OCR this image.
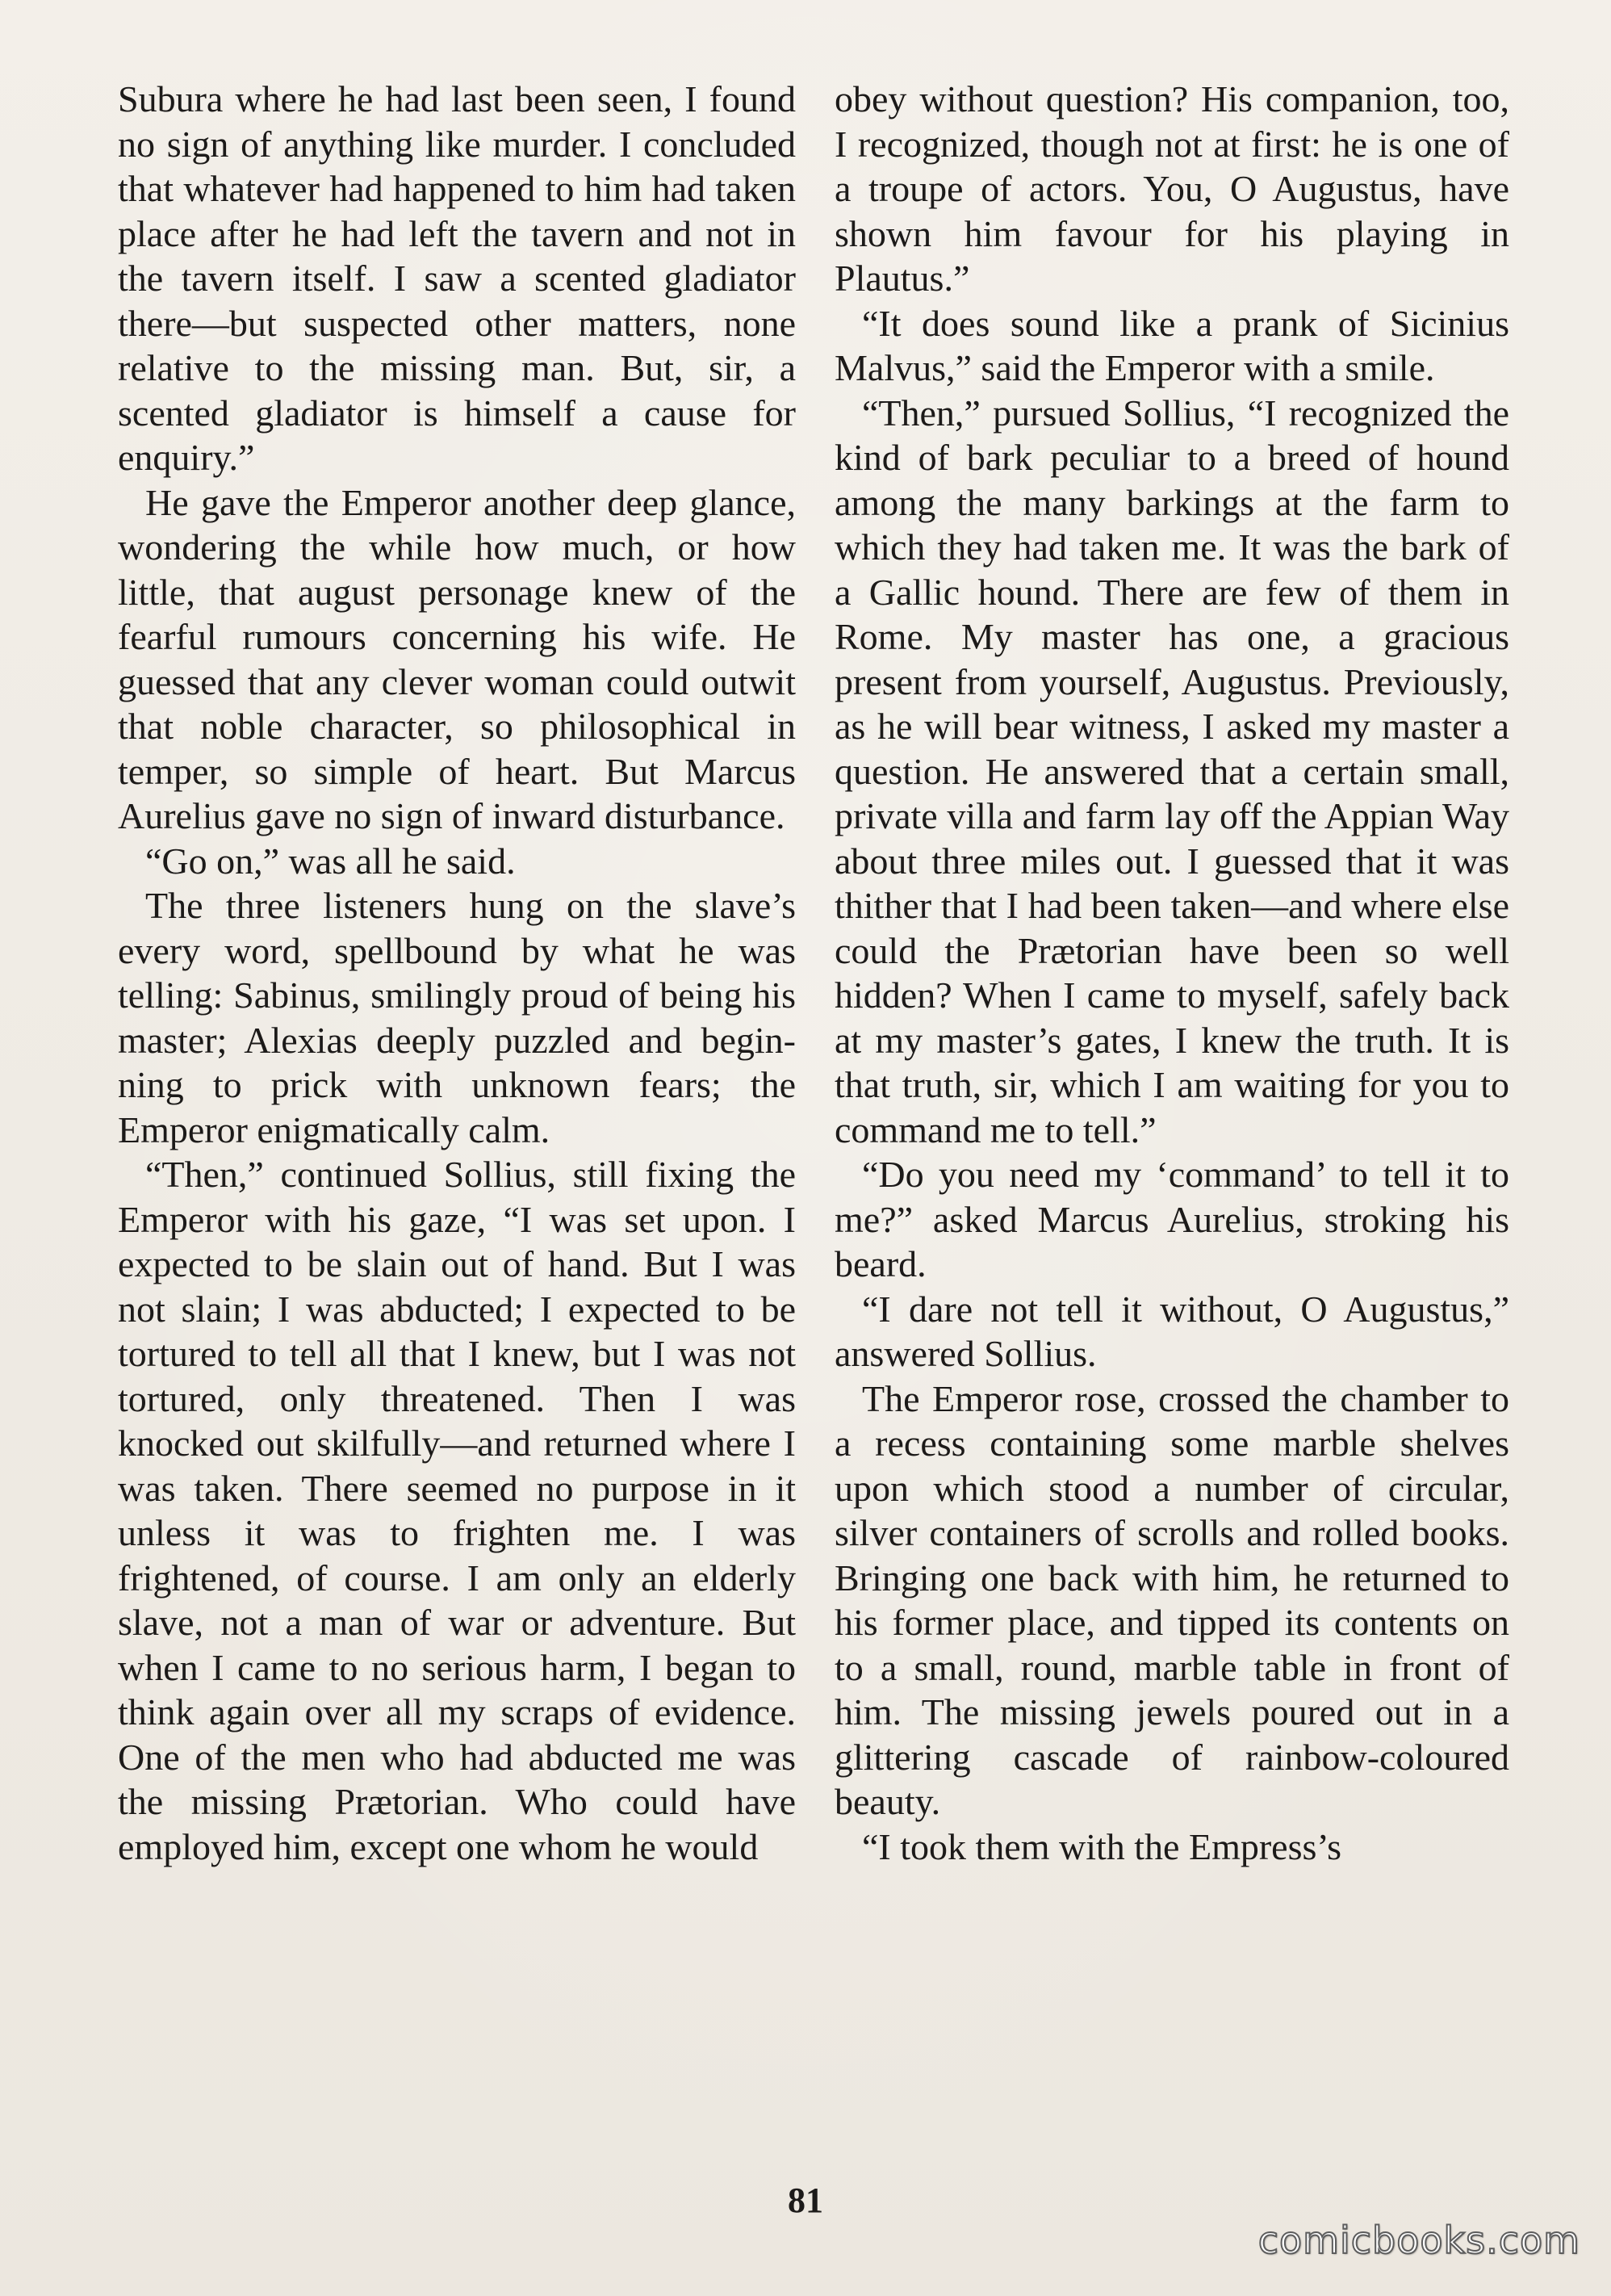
Subura where he had last been seen, I found no sign of anything like murder. I concluded that whatever had happened to him had taken place after he had left the tavern and not in the tavern itself. I saw a scented gladiator there—but suspected other matters, none relative to the missing man. But, sir, a scented gladiator is himself a cause for enquiry.”

He gave the Emperor another deep glance, wondering the while how much, or how little, that august personage knew of the fearful rumours concerning his wife. He guessed that any clever woman could outwit that noble character, so philosophical in temper, so simple of heart. But Marcus Aurelius gave no sign of inward disturbance.

“Go on,” was all he said.

The three listeners hung on the slave’s every word, spellbound by what he was telling: Sabinus, smilingly proud of being his master; Alexias deeply puzzled and beginning to prick with unknown fears; the Emperor enigmatically calm.

“Then,” continued Sollius, still fixing the Emperor with his gaze, “I was set upon. I expected to be slain out of hand. But I was not slain; I was abducted; I expected to be tortured to tell all that I knew, but I was not tortured, only threatened. Then I was knocked out skilfully—and returned where I was taken. There seemed no purpose in it unless it was to frighten me. I was frightened, of course. I am only an elderly slave, not a man of war or adventure. But when I came to no serious harm, I began to think again over all my scraps of evidence. One of the men who had abducted me was the missing Prætorian. Who could have employed him, except one whom he would

obey without question? His companion, too, I recognized, though not at first: he is one of a troupe of actors. You, O Augustus, have shown him favour for his playing in Plautus.”

“It does sound like a prank of Sicinius Malvus,” said the Emperor with a smile.

“Then,” pursued Sollius, “I recognized the kind of bark peculiar to a breed of hound among the many barkings at the farm to which they had taken me. It was the bark of a Gallic hound. There are few of them in Rome. My master has one, a gracious present from yourself, Augustus. Previously, as he will bear witness, I asked my master a question. He answered that a certain small, private villa and farm lay off the Appian Way about three miles out. I guessed that it was thither that I had been taken—and where else could the Prætorian have been so well hidden? When I came to myself, safely back at my master’s gates, I knew the truth. It is that truth, sir, which I am waiting for you to command me to tell.”

“Do you need my ‘command’ to tell it to me?” asked Marcus Aurelius, stroking his beard.

“I dare not tell it without, O Augustus,” answered Sollius.

The Emperor rose, crossed the chamber to a recess containing some marble shelves upon which stood a number of circular, silver containers of scrolls and rolled books. Bringing one back with him, he returned to his former place, and tipped its contents on to a small, round, marble table in front of him. The missing jewels poured out in a glittering cascade of rainbow-coloured beauty.

“I took them with the Empress’s

81
comicbooks.com
